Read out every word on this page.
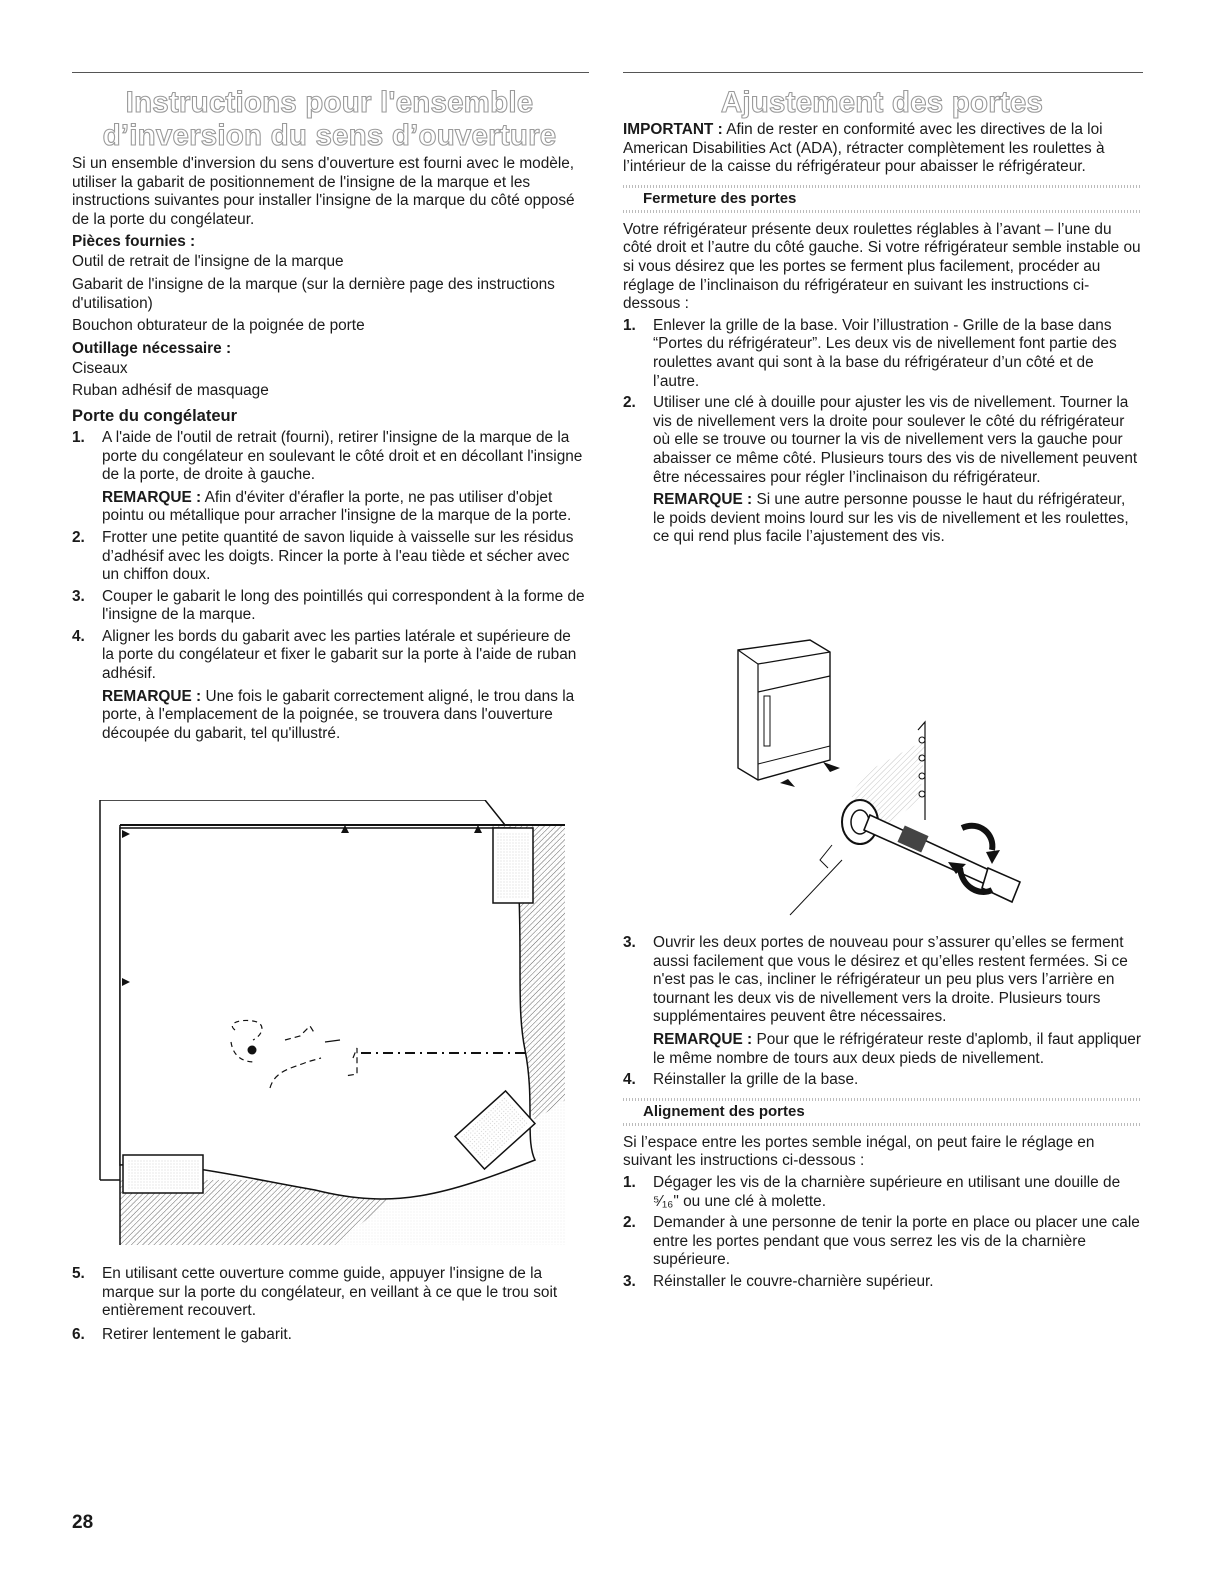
Instructions pour l'ensemble
d’inversion du sens d’ouverture

Si un ensemble d'inversion du sens d'ouverture est fourni avec le modèle, utiliser la gabarit de positionnement de l'insigne de la marque et les instructions suivantes pour installer l'insigne de la marque du côté opposé de la porte du congélateur.

Pièces fournies :

Outil de retrait de l'insigne de la marque

Gabarit de l'insigne de la marque (sur la dernière page des instructions d'utilisation)

Bouchon obturateur de la poignée de porte

Outillage nécessaire :

Ciseaux

Ruban adhésif de masquage

Porte du congélateur
1. A l'aide de l'outil de retrait (fourni), retirer l'insigne de la marque de la porte du congélateur en soulevant le côté droit et en décollant l'insigne de la porte, de droite à gauche.
REMARQUE : Afin d'éviter d'érafler la porte, ne pas utiliser d'objet pointu ou métallique pour arracher l'insigne de la marque de la porte.
2. Frotter une petite quantité de savon liquide à vaisselle sur les résidus d’adhésif avec les doigts. Rincer la porte à l'eau tiède et sécher avec un chiffon doux.
3. Couper le gabarit le long des pointillés qui correspondent à la forme de l'insigne de la marque.
4. Aligner les bords du gabarit avec les parties latérale et supérieure de la porte du congélateur et fixer le gabarit sur la porte à l'aide de ruban adhésif.
REMARQUE : Une fois le gabarit correctement aligné, le trou dans la porte, à l'emplacement de la poignée, se trouvera dans l'ouverture découpée du gabarit, tel qu'illustré.
5. En utilisant cette ouverture comme guide, appuyer l'insigne de la marque sur la porte du congélateur, en veillant à ce que le trou soit entièrement recouvert.
6. Retirer lentement le gabarit.
Ajustement des portes

IMPORTANT : Afin de rester en conformité avec les directives de la loi American Disabilities Act (ADA), rétracter complètement les roulettes à l’intérieur de la caisse du réfrigérateur pour abaisser le réfrigérateur.

Fermeture des portes

Votre réfrigérateur présente deux roulettes réglables à l’avant – l’une du côté droit et l’autre du côté gauche. Si votre réfrigérateur semble instable ou si vous désirez que les portes se ferment plus facilement, procéder au réglage de l’inclinaison du réfrigérateur en suivant les instructions ci-dessous :

1. Enlever la grille de la base. Voir l’illustration - Grille de la base dans “Portes du réfrigérateur”. Les deux vis de nivellement font partie des roulettes avant qui sont à la base du réfrigérateur d’un côté et de l’autre.
2. Utiliser une clé à douille pour ajuster les vis de nivellement. Tourner la vis de nivellement vers la droite pour soulever le côté du réfrigérateur où elle se trouve ou tourner la vis de nivellement vers la gauche pour abaisser ce même côté. Plusieurs tours des vis de nivellement peuvent être nécessaires pour régler l’inclinaison du réfrigérateur.
REMARQUE : Si une autre personne pousse le haut du réfrigérateur, le poids devient moins lourd sur les vis de nivellement et les roulettes, ce qui rend plus facile l’ajustement des vis.
3. Ouvrir les deux portes de nouveau pour s’assurer qu’elles se ferment aussi facilement que vous le désirez et qu’elles restent fermées. Si ce n'est pas le cas, incliner le réfrigérateur un peu plus vers l’arrière en tournant les deux vis de nivellement vers la droite. Plusieurs tours supplémentaires peuvent être nécessaires.
REMARQUE : Pour que le réfrigérateur reste d'aplomb, il faut appliquer le même nombre de tours aux deux pieds de nivellement.
4. Réinstaller la grille de la base.
Alignement des portes

Si l’espace entre les portes semble inégal, on peut faire le réglage en suivant les instructions ci-dessous :

1. Dégager les vis de la charnière supérieure en utilisant une douille de ⁵⁄₁₆" ou une clé à molette.
2. Demander à une personne de tenir la porte en place ou placer une cale entre les portes pendant que vous serrez les vis de la charnière supérieure.
3. Réinstaller le couvre-charnière supérieur.
28
